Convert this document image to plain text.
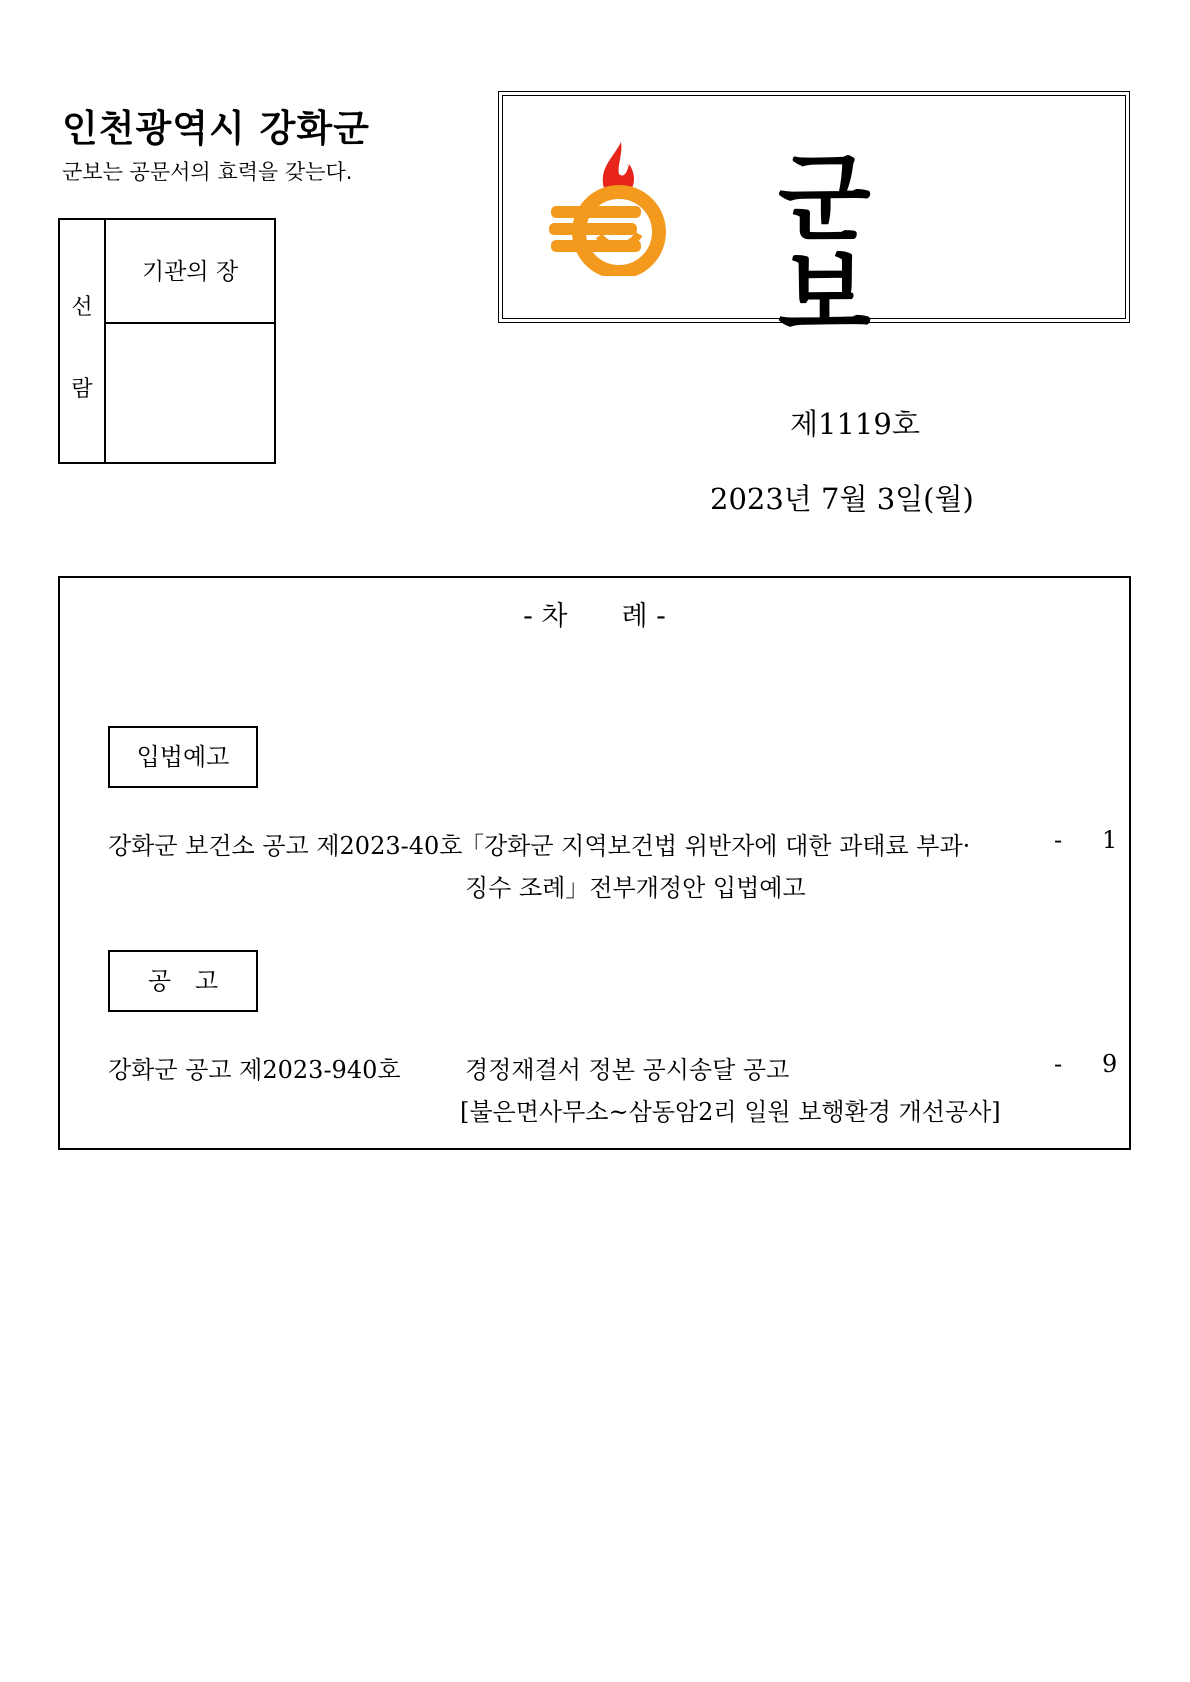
인천광역시 강화군
군보는 공문서의 효력을 갖는다.
선
람
기관의 장
군 보
제1119호
2023년 7월 3일(월)
- 차　　례 -
입법예고
강화군 보건소 공고 제2023-40호
「강화군 지역보건법 위반자에 대한 과태료 부과·
징수 조례」전부개정안 입법예고
- 1
공　고
강화군 공고 제2023-940호	경정재결서 정본 공시송달 공고
[불은면사무소~삼동암2리 일원 보행환경 개선공사]
- 9
